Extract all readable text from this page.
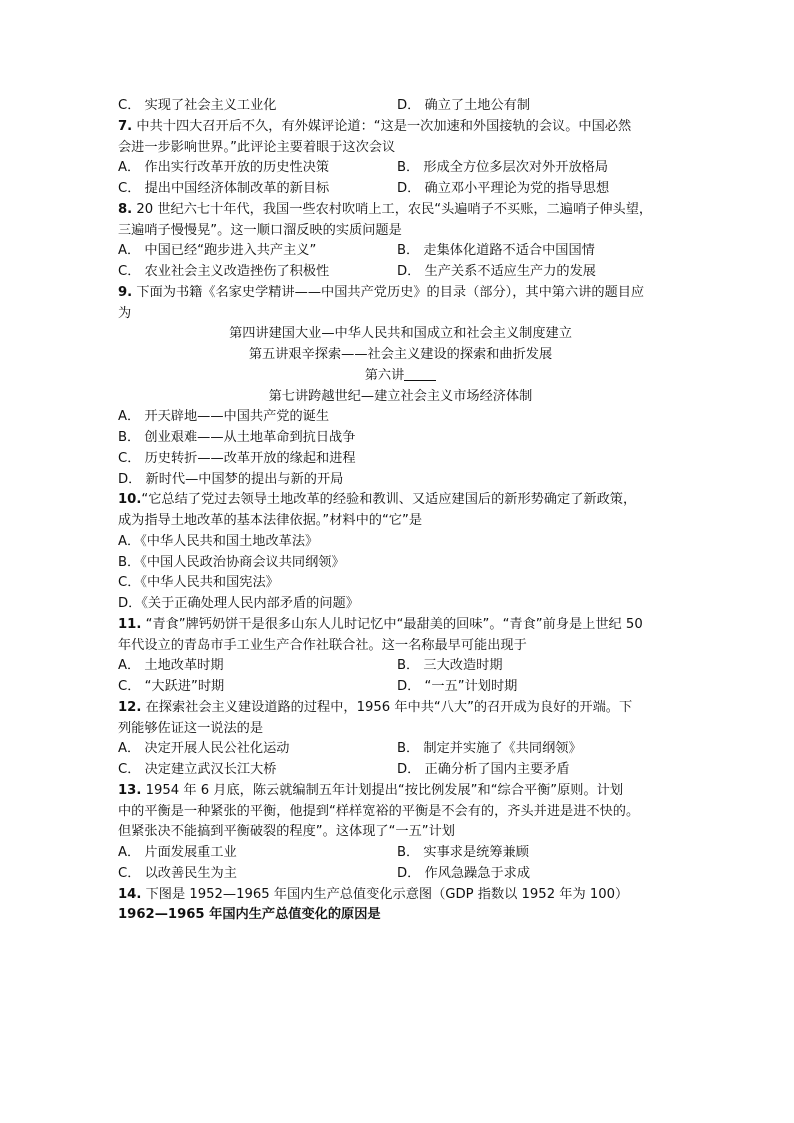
C． 实现了社会主义工业化	D． 确立了土地公有制
7. 中共十四大召开后不久，有外媒评论道：“这是一次加速和外国接轨的会议。中国必然
会进一步影响世界。”此评论主要着眼于这次会议
A． 作出实行改革开放的历史性决策	B． 形成全方位多层次对外开放格局
C． 提出中国经济体制改革的新目标	D． 确立邓小平理论为党的指导思想
8. 20 世纪六七十年代，我国一些农村吹哨上工，农民“头遍哨子不买账，二遍哨子伸头望，
三遍哨子慢慢晃”。这一顺口溜反映的实质问题是
A． 中国已经“跑步进入共产主义”	B． 走集体化道路不适合中国国情
C． 农业社会主义改造挫伤了积极性	D． 生产关系不适应生产力的发展
9. 下面为书籍《名家史学精讲——中国共产党历史》的目录（部分），其中第六讲的题目应
为
第四讲建国大业—中华人民共和国成立和社会主义制度建立
第五讲艰辛探索——社会主义建设的探索和曲折发展
第六讲
第七讲跨越世纪—建立社会主义市场经济体制
A． 开天辟地——中国共产党的诞生
B． 创业艰难——从土地革命到抗日战争
C． 历史转折——改革开放的缘起和进程
D． 新时代—中国梦的提出与新的开局
10.“它总结了党过去领导土地改革的经验和教训、又适应建国后的新形势确定了新政策，
成为指导土地改革的基本法律依据。”材料中的“它”是
A．《中华人民共和国土地改革法》
B．《中国人民政治协商会议共同纲领》
C．《中华人民共和国宪法》
D．《关于正确处理人民内部矛盾的问题》
11. “青食”牌钙奶饼干是很多山东人儿时记忆中“最甜美的回味”。“青食”前身是上世纪 50
年代设立的青岛市手工业生产合作社联合社。这一名称最早可能出现于
A． 土地改革时期	B． 三大改造时期
C． “大跃进”时期	D． “一五”计划时期
12. 在探索社会主义建设道路的过程中，1956 年中共“八大”的召开成为良好的开端。下
列能够佐证这一说法的是
A． 决定开展人民公社化运动	B． 制定并实施了《共同纲领》
C． 决定建立武汉长江大桥	D． 正确分析了国内主要矛盾
13. 1954 年 6 月底，陈云就编制五年计划提出“按比例发展”和“综合平衡”原则。计划
中的平衡是一种紧张的平衡，他提到“样样宽裕的平衡是不会有的，齐头并进是进不快的。
但紧张决不能搞到平衡破裂的程度”。这体现了“一五”计划
A． 片面发展重工业	B． 实事求是统筹兼顾
C． 以改善民生为主	D． 作风急躁急于求成
14. 下图是 1952—1965 年国内生产总值变化示意图（GDP 指数以 1952 年为 100）
1962—1965 年国内生产总值变化的原因是
